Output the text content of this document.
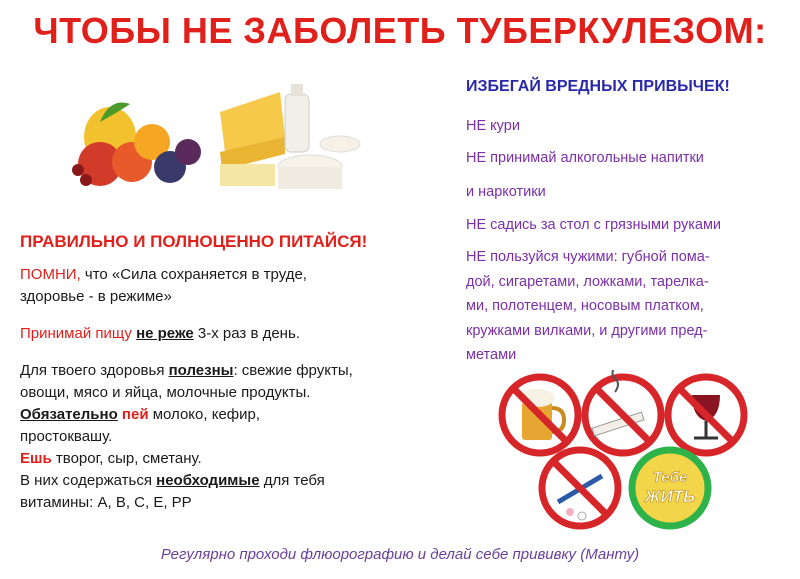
ЧТОБЫ НЕ ЗАБОЛЕТЬ ТУБЕРКУЛЕЗОМ:
ПРАВИЛЬНО И ПОЛНОЦЕННО ПИТАЙСЯ!
ПОМНИ, что «Сила сохраняется в труде,
здоровье - в режиме»
Принимай пищу не реже 3-х раз в день.
Для твоего здоровья полезны: свежие фрукты,
овощи, мясо и яйца, молочные продукты.
Обязательно пей молоко, кефир,
простоквашу.
Ешь творог, сыр, сметану.
В них содержаться необходимые для тебя
витамины: А, В, С, Е, РР
ИЗБЕГАЙ ВРЕДНЫХ ПРИВЫЧЕК!
НЕ кури
НЕ принимай алкогольные напитки
и наркотики
НЕ садись за стол с грязными руками
НЕ пользуйся чужими: губной пома-
дой, сигаретами, ложками, тарелка-
ми, полотенцем, носовым платком,
кружками вилками, и другими пред-
метами
Тебе
ЖИТЬ
Регулярно проходи флюорографию и делай себе прививку (Манту)
